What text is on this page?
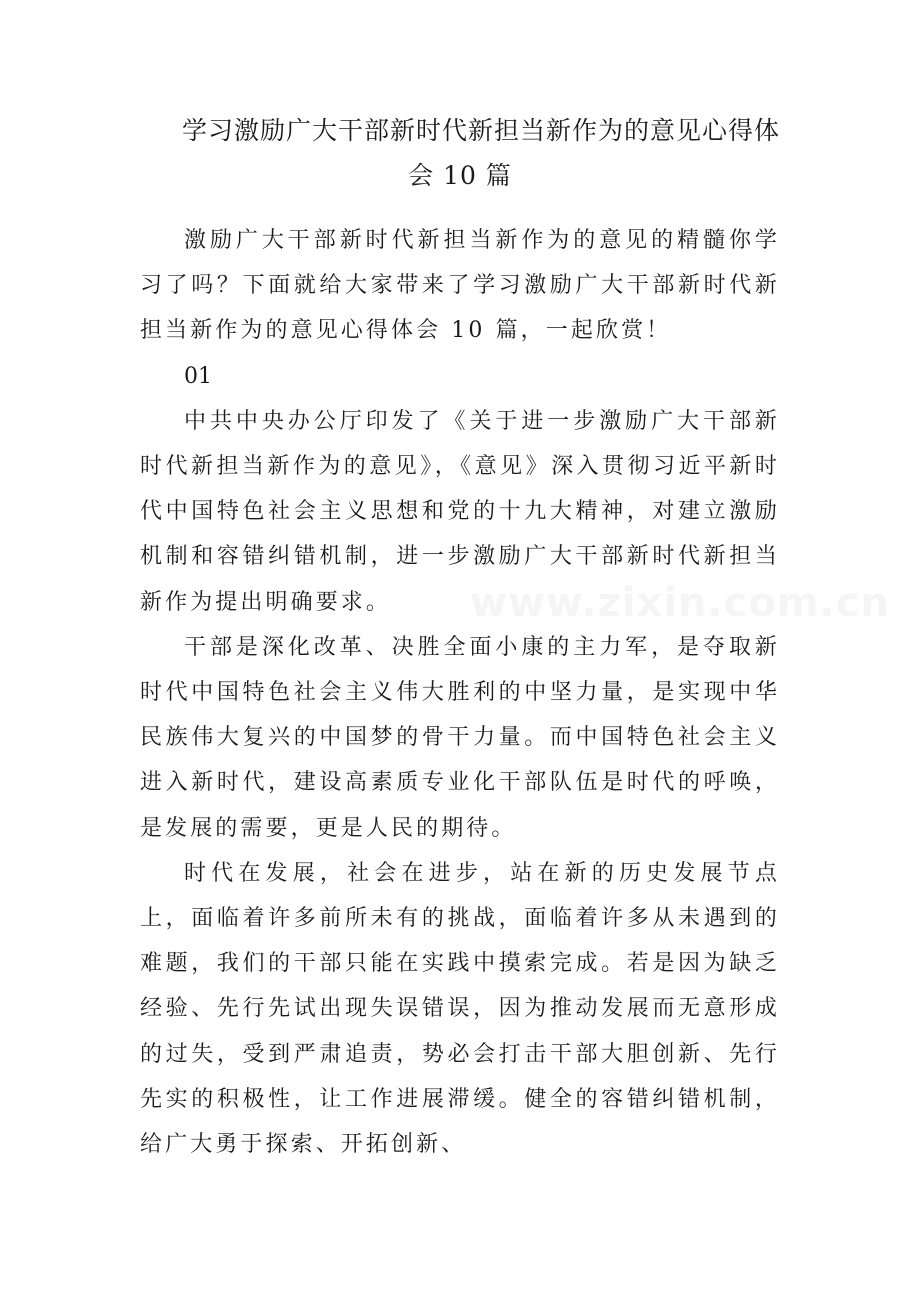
学习激励广大干部新时代新担当新作为的意见心得体
会 10 篇

激励广大干部新时代新担当新作为的意见的精髓你学习了吗？下面就给大家带来了学习激励广大干部新时代新担当新作为的意见心得体会 10 篇，一起欣赏！

01

中共中央办公厅印发了《关于进一步激励广大干部新时代新担当新作为的意见》，《意见》深入贯彻习近平新时代中国特色社会主义思想和党的十九大精神，对建立激励机制和容错纠错机制，进一步激励广大干部新时代新担当新作为提出明确要求。

干部是深化改革、决胜全面小康的主力军，是夺取新时代中国特色社会主义伟大胜利的中坚力量，是实现中华民族伟大复兴的中国梦的骨干力量。而中国特色社会主义进入新时代，建设高素质专业化干部队伍是时代的呼唤，是发展的需要，更是人民的期待。

时代在发展，社会在进步，站在新的历史发展节点上，面临着许多前所未有的挑战，面临着许多从未遇到的难题，我们的干部只能在实践中摸索完成。若是因为缺乏经验、先行先试出现失误错误，因为推动发展而无意形成的过失，受到严肃追责，势必会打击干部大胆创新、先行先实的积极性，让工作进展滞缓。健全的容错纠错机制，给广大勇于探索、开拓创新、

www.zixin.com.cn
